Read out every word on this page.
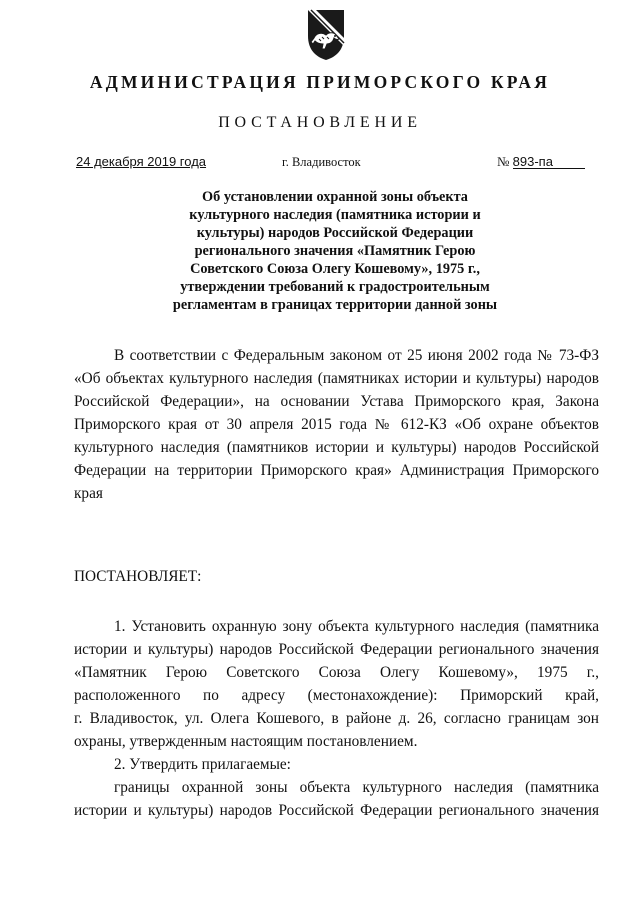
АДМИНИСТРАЦИЯ ПРИМОРСКОГО КРАЯ
ПОСТАНОВЛЕНИЕ
24 декабря 2019 года	г. Владивосток	№ 893-па
Об установлении охранной зоны объекта
культурного наследия (памятника истории и
культуры) народов Российской Федерации
регионального значения «Памятник Герою
Советского Союза Олегу Кошевому», 1975 г.,
утверждении требований к градостроительным
регламентам в границах территории данной зоны
В соответствии с Федеральным законом от 25 июня 2002 года № 73-ФЗ
«Об объектах культурного наследия (памятниках истории и культуры) народов
Российской Федерации», на основании Устава Приморского края, Закона
Приморского края от 30 апреля 2015 года № 612-КЗ «Об охране объектов
культурного наследия (памятников истории и культуры) народов Российской
Федерации на территории Приморского края» Администрация Приморского
края
ПОСТАНОВЛЯЕТ:
1. Установить охранную зону объекта культурного наследия (памятника
истории и культуры) народов Российской Федерации регионального значения
«Памятник Герою Советского Союза Олегу Кошевому», 1975 г.,
расположенного по адресу (местонахождение): Приморский край,
г. Владивосток, ул. Олега Кошевого, в районе д. 26, согласно границам зон
охраны, утвержденным настоящим постановлением.
2. Утвердить прилагаемые:
границы охранной зоны объекта культурного наследия (памятника
истории и культуры) народов Российской Федерации регионального значения
